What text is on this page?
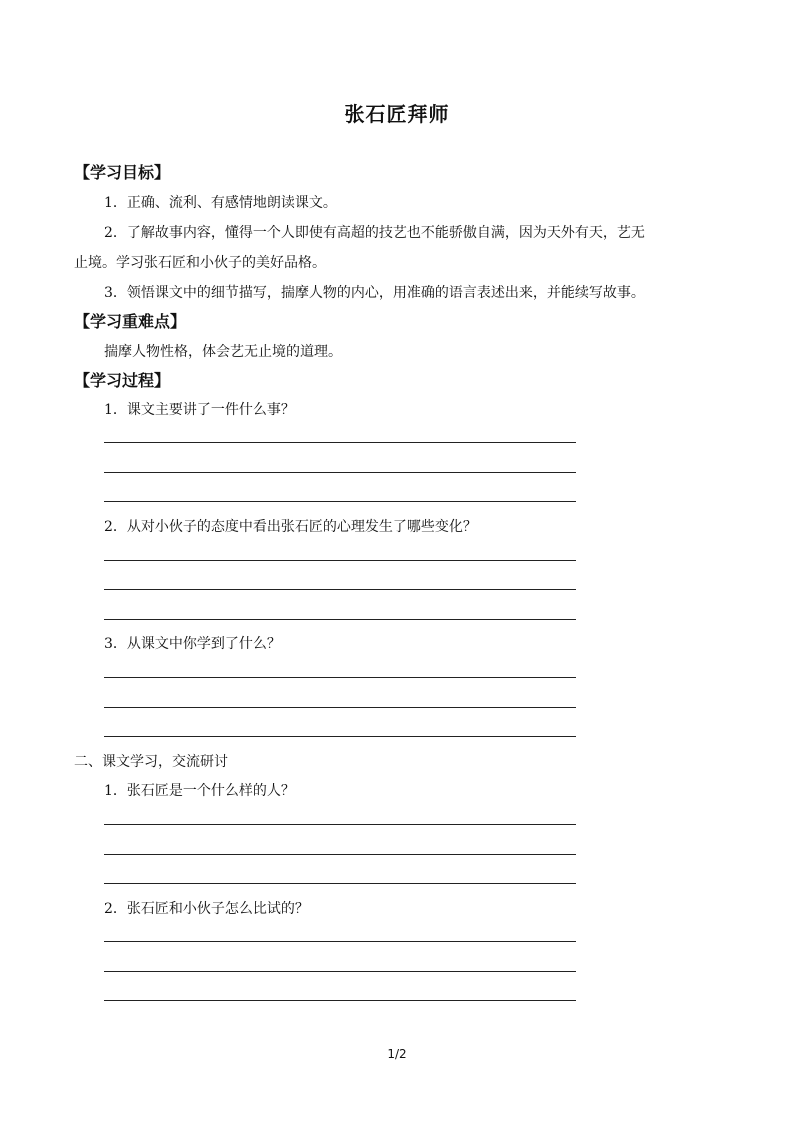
张石匠拜师
【学习目标】
1．正确、流利、有感情地朗读课文。
2．了解故事内容，懂得一个人即使有高超的技艺也不能骄傲自满，因为天外有天，艺无
止境。学习张石匠和小伙子的美好品格。
3．领悟课文中的细节描写，揣摩人物的内心，用准确的语言表述出来，并能续写故事。
【学习重难点】
揣摩人物性格，体会艺无止境的道理。
【学习过程】
1．课文主要讲了一件什么事？
2．从对小伙子的态度中看出张石匠的心理发生了哪些变化？
3．从课文中你学到了什么？
二、课文学习，交流研讨
1．张石匠是一个什么样的人？
2．张石匠和小伙子怎么比试的？
1/2
